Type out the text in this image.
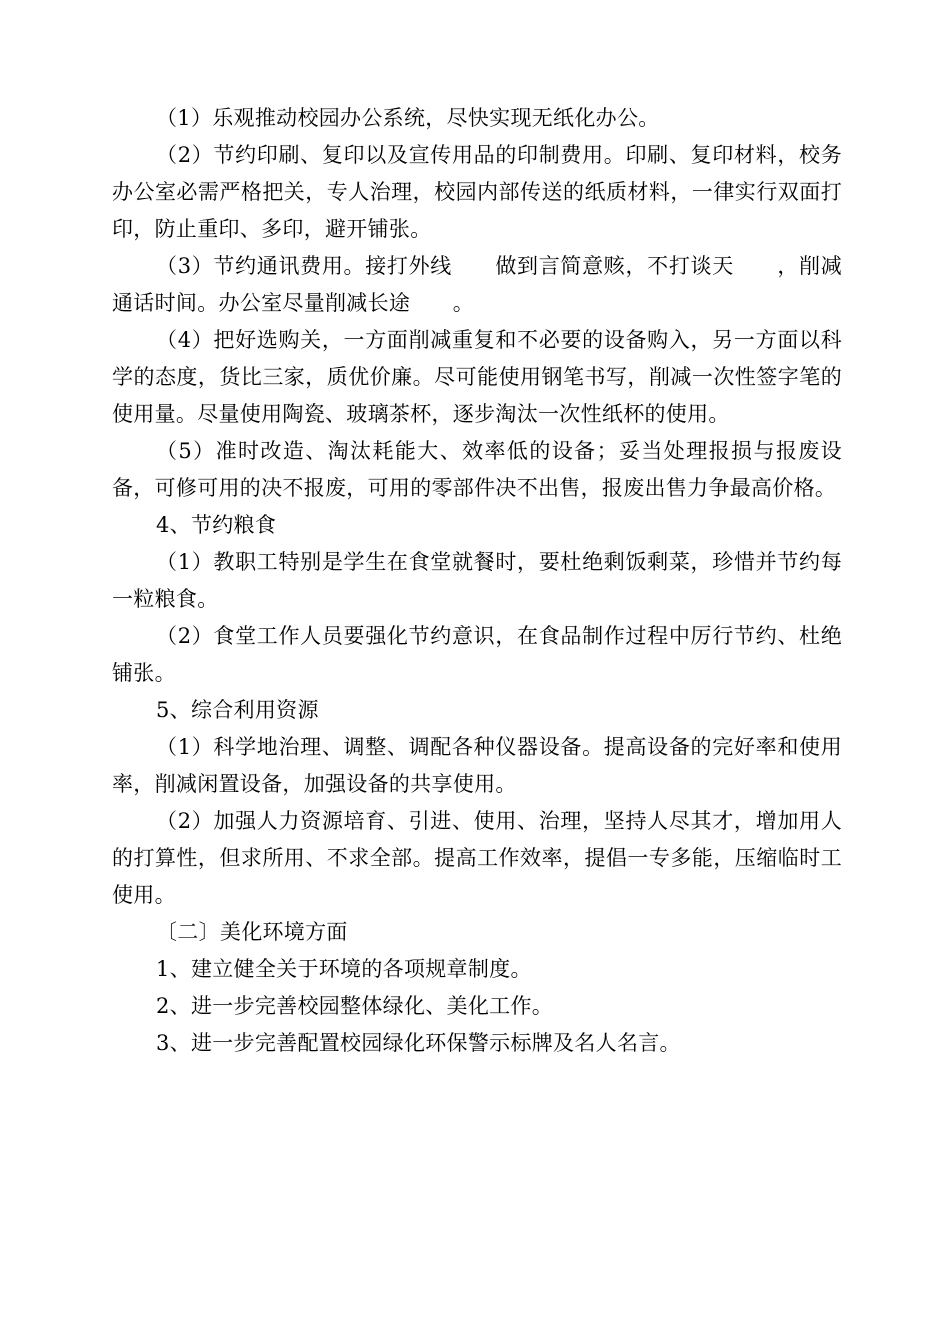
（1）乐观推动校园办公系统，尽快实现无纸化办公。

（2）节约印刷、复印以及宣传用品的印制费用。印刷、复印材料，校务办公室必需严格把关，专人治理，校园内部传送的纸质材料，一律实行双面打印，防止重印、多印，避开铺张。

（3）节约通讯费用。接打外线　　做到言简意赅，不打谈天　　，削减通话时间。办公室尽量削减长途　　。

（4）把好选购关，一方面削减重复和不必要的设备购入，另一方面以科学的态度，货比三家，质优价廉。尽可能使用钢笔书写，削减一次性签字笔的使用量。尽量使用陶瓷、玻璃茶杯，逐步淘汰一次性纸杯的使用。

（5）准时改造、淘汰耗能大、效率低的设备；妥当处理报损与报废设备，可修可用的决不报废，可用的零部件决不出售，报废出售力争最高价格。

4、节约粮食

（1）教职工特别是学生在食堂就餐时，要杜绝剩饭剩菜，珍惜并节约每一粒粮食。

（2）食堂工作人员要强化节约意识，在食品制作过程中厉行节约、杜绝铺张。

5、综合利用资源

（1）科学地治理、调整、调配各种仪器设备。提高设备的完好率和使用率，削减闲置设备，加强设备的共享使用。

（2）加强人力资源培育、引进、使用、治理，坚持人尽其才，增加用人的打算性，但求所用、不求全部。提高工作效率，提倡一专多能，压缩临时工使用。

〔二〕美化环境方面

1、建立健全关于环境的各项规章制度。

2、进一步完善校园整体绿化、美化工作。

3、进一步完善配置校园绿化环保警示标牌及名人名言。
